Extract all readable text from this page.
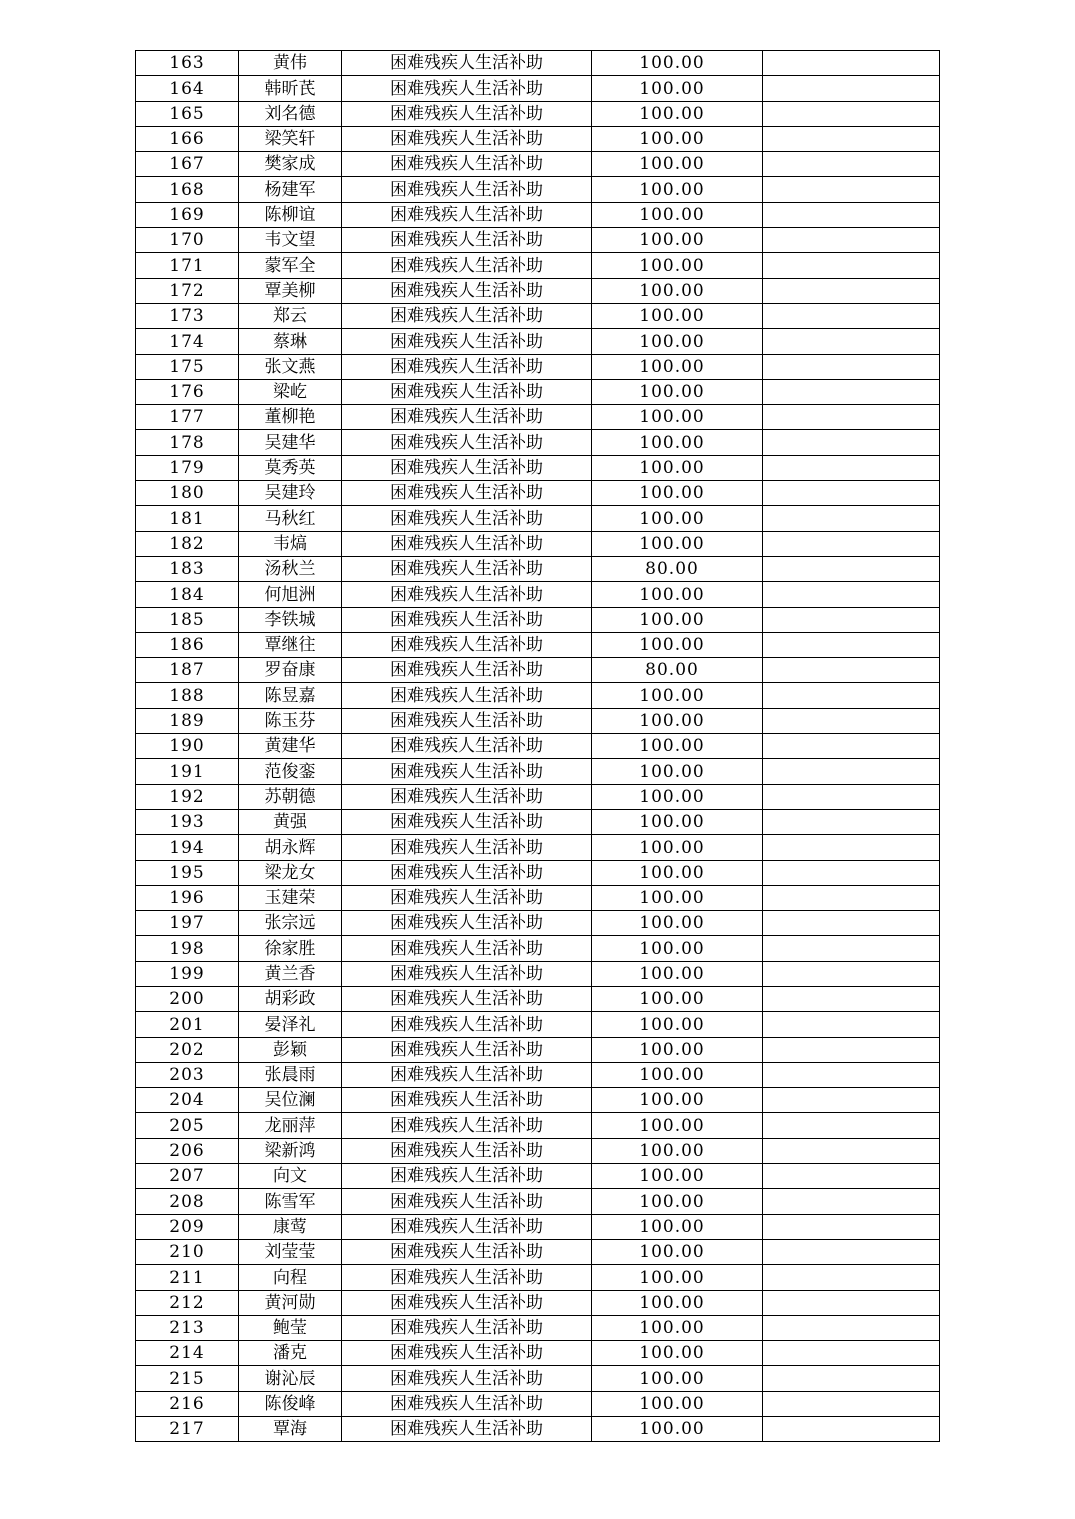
163	黄伟	困难残疾人生活补助	100.00	
164	韩昕芪	困难残疾人生活补助	100.00	
165	刘名德	困难残疾人生活补助	100.00	
166	梁笑轩	困难残疾人生活补助	100.00	
167	樊家成	困难残疾人生活补助	100.00	
168	杨建军	困难残疾人生活补助	100.00	
169	陈柳谊	困难残疾人生活补助	100.00	
170	韦文望	困难残疾人生活补助	100.00	
171	蒙军全	困难残疾人生活补助	100.00	
172	覃美柳	困难残疾人生活补助	100.00	
173	郑云	困难残疾人生活补助	100.00	
174	蔡琳	困难残疾人生活补助	100.00	
175	张文燕	困难残疾人生活补助	100.00	
176	梁屹	困难残疾人生活补助	100.00	
177	董柳艳	困难残疾人生活补助	100.00	
178	吴建华	困难残疾人生活补助	100.00	
179	莫秀英	困难残疾人生活补助	100.00	
180	吴建玲	困难残疾人生活补助	100.00	
181	马秋红	困难残疾人生活补助	100.00	
182	韦熇	困难残疾人生活补助	100.00	
183	汤秋兰	困难残疾人生活补助	80.00	
184	何旭洲	困难残疾人生活补助	100.00	
185	李铁城	困难残疾人生活补助	100.00	
186	覃继往	困难残疾人生活补助	100.00	
187	罗奋康	困难残疾人生活补助	80.00	
188	陈昱嘉	困难残疾人生活补助	100.00	
189	陈玉芬	困难残疾人生活补助	100.00	
190	黄建华	困难残疾人生活补助	100.00	
191	范俊銮	困难残疾人生活补助	100.00	
192	苏朝德	困难残疾人生活补助	100.00	
193	黄强	困难残疾人生活补助	100.00	
194	胡永辉	困难残疾人生活补助	100.00	
195	梁龙女	困难残疾人生活补助	100.00	
196	玉建荣	困难残疾人生活补助	100.00	
197	张宗远	困难残疾人生活补助	100.00	
198	徐家胜	困难残疾人生活补助	100.00	
199	黄兰香	困难残疾人生活补助	100.00	
200	胡彩政	困难残疾人生活补助	100.00	
201	晏泽礼	困难残疾人生活补助	100.00	
202	彭颖	困难残疾人生活补助	100.00	
203	张晨雨	困难残疾人生活补助	100.00	
204	吴位澜	困难残疾人生活补助	100.00	
205	龙丽萍	困难残疾人生活补助	100.00	
206	梁新鸿	困难残疾人生活补助	100.00	
207	向文	困难残疾人生活补助	100.00	
208	陈雪军	困难残疾人生活补助	100.00	
209	康莺	困难残疾人生活补助	100.00	
210	刘莹莹	困难残疾人生活补助	100.00	
211	向程	困难残疾人生活补助	100.00	
212	黄河勋	困难残疾人生活补助	100.00	
213	鲍莹	困难残疾人生活补助	100.00	
214	潘克	困难残疾人生活补助	100.00	
215	谢沁辰	困难残疾人生活补助	100.00	
216	陈俊峰	困难残疾人生活补助	100.00	
217	覃海	困难残疾人生活补助	100.00	
